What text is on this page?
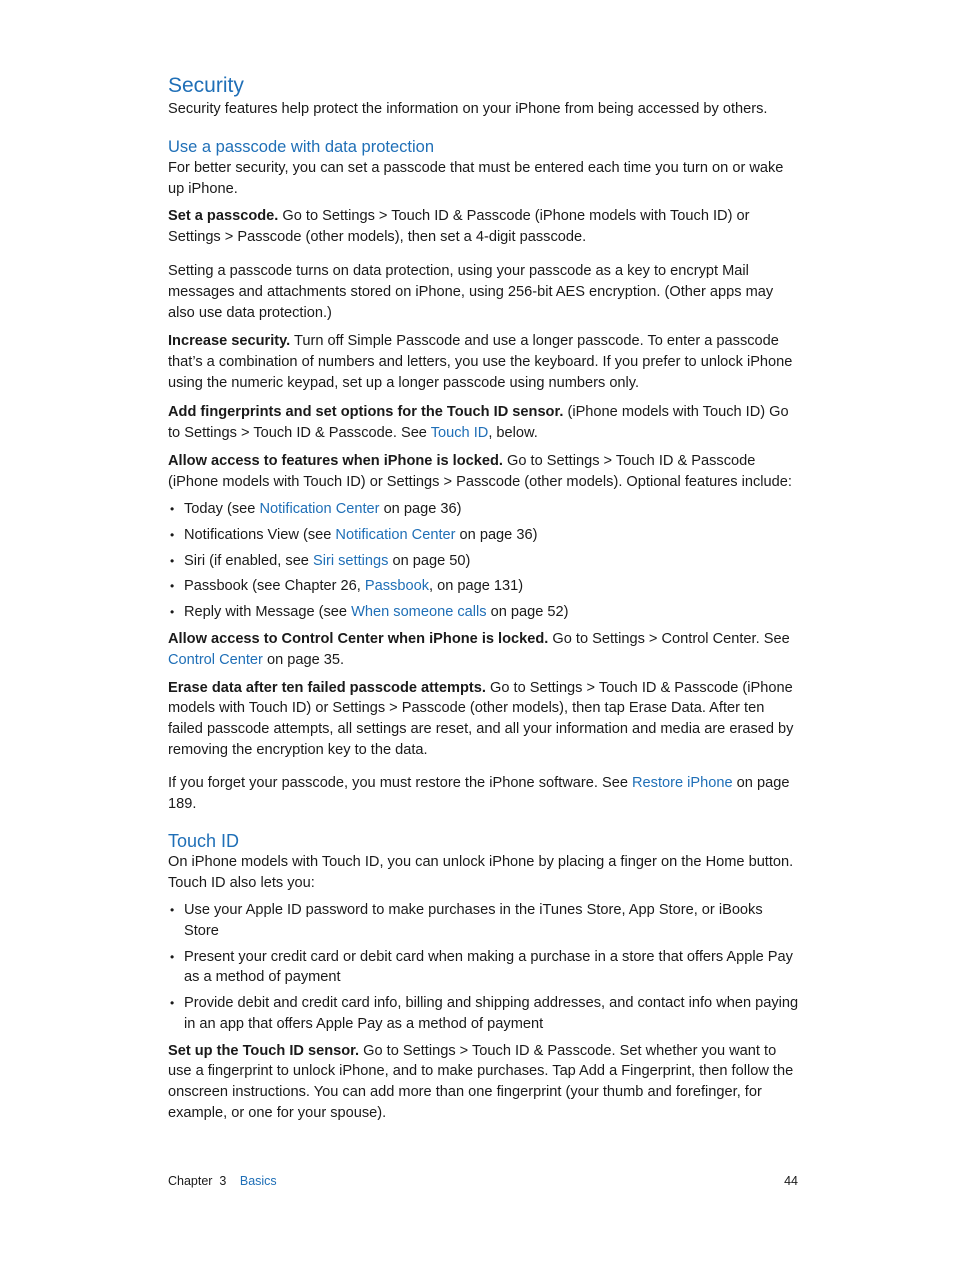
Security

Security features help protect the information on your iPhone from being accessed by others.

Use a passcode with data protection

For better security, you can set a passcode that must be entered each time you turn on or wake up iPhone.

Set a passcode. Go to Settings > Touch ID & Passcode (iPhone models with Touch ID) or Settings > Passcode (other models), then set a 4-digit passcode.

Setting a passcode turns on data protection, using your passcode as a key to encrypt Mail messages and attachments stored on iPhone, using 256-bit AES encryption. (Other apps may also use data protection.)

Increase security. Turn off Simple Passcode and use a longer passcode. To enter a passcode that’s a combination of numbers and letters, you use the keyboard. If you prefer to unlock iPhone using the numeric keypad, set up a longer passcode using numbers only.

Add fingerprints and set options for the Touch ID sensor. (iPhone models with Touch ID) Go to Settings > Touch ID & Passcode. See Touch ID, below.

Allow access to features when iPhone is locked. Go to Settings > Touch ID & Passcode (iPhone models with Touch ID) or Settings > Passcode (other models). Optional features include:

• Today (see Notification Center on page 36)
• Notifications View (see Notification Center on page 36)
• Siri (if enabled, see Siri settings on page 50)
• Passbook (see Chapter 26, Passbook, on page 131)
• Reply with Message (see When someone calls on page 52)

Allow access to Control Center when iPhone is locked. Go to Settings > Control Center. See Control Center on page 35.

Erase data after ten failed passcode attempts. Go to Settings > Touch ID & Passcode (iPhone models with Touch ID) or Settings > Passcode (other models), then tap Erase Data. After ten failed passcode attempts, all settings are reset, and all your information and media are erased by removing the encryption key to the data.

If you forget your passcode, you must restore the iPhone software. See Restore iPhone on page 189.

Touch ID

On iPhone models with Touch ID, you can unlock iPhone by placing a finger on the Home button. Touch ID also lets you:

• Use your Apple ID password to make purchases in the iTunes Store, App Store, or iBooks Store
• Present your credit card or debit card when making a purchase in a store that offers Apple Pay as a method of payment
• Provide debit and credit card info, billing and shipping addresses, and contact info when paying in an app that offers Apple Pay as a method of payment

Set up the Touch ID sensor. Go to Settings > Touch ID & Passcode. Set whether you want to use a fingerprint to unlock iPhone, and to make purchases. Tap Add a Fingerprint, then follow the onscreen instructions. You can add more than one fingerprint (your thumb and forefinger, for example, or one for your spouse).

Chapter  3 Basics	44
